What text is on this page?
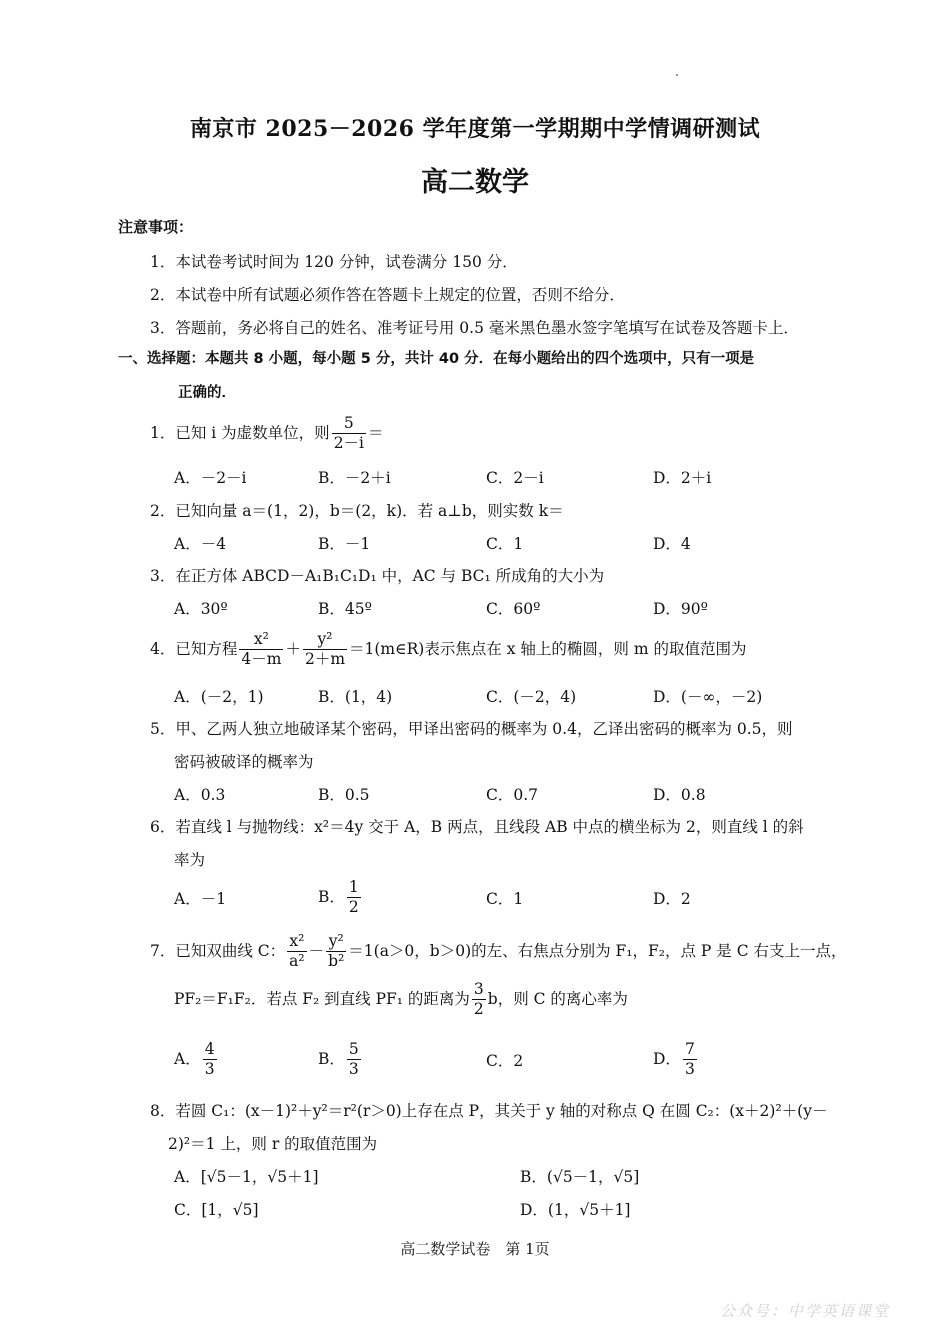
南京市 2025－2026 学年度第一学期期中学情调研测试
高二数学
注意事项：
1．本试卷考试时间为 120 分钟，试卷满分 150 分．
2．本试卷中所有试题必须作答在答题卡上规定的位置，否则不给分．
3．答题前，务必将自己的姓名、准考证号用 0.5 毫米黑色墨水签字笔填写在试卷及答题卡上．
一、选择题：本题共 8 小题，每小题 5 分，共计 40 分．在每小题给出的四个选项中，只有一项是
正确的．
1．已知 i 为虚数单位，则 $\frac{5}{2-i}$ ＝
A．－2－i	B．－2＋i	C．2－i	D．2＋i
2．已知向量 a＝(1，2)，b＝(2，k)．若 a⊥b，则实数 k＝
A．－4	B．－1	C．1	D．4
3．在正方体 ABCD－A₁B₁C₁D₁ 中，AC 与 BC₁ 所成角的大小为
A．30º	B．45º	C．60º	D．90º
4．已知方程 $\frac{\text{x²}}{4-m} + \frac{\text{y²}}{2+m}$ ＝1(m∈R)表示焦点在 x 轴上的椭圆，则 m 的取值范围为
A．(－2，1)	B．(1，4)	C．(－2，4)	D．(－∞，－2)
5．甲、乙两人独立地破译某个密码，甲译出密码的概率为 0.4，乙译出密码的概率为 0.5，则
密码被破译的概率为
A．0.3	B．0.5	C．0.7	D．0.8
6．若直线 l 与抛物线：x²＝4y 交于 A，B 两点，且线段 AB 中点的横坐标为 2，则直线 l 的斜
率为
A．－1	B． $\frac{1}{2}$	C．1	D．2
7．已知双曲线 C： $\frac{\text{x²}}{\text{a²}} - \frac{\text{y²}}{\text{b²}} =1(a>0$，b＞0)的左、右焦点分别为 F₁，F₂，点 P 是 C 右支上一点，
PF₂＝F₁F₂．若点 F₂ 到直线 PF₁ 的距离为 $\frac{3}{2}$ b，则 C 的离心率为
A． $\frac{4}{3}$	B． $\frac{5}{3}$	C．2	D． $\frac{7}{3}$
8．若圆 C₁：(x－1)²＋y²＝r²(r＞0)上存在点 P，其关于 y 轴的对称点 Q 在圆 C₂：(x＋2)²＋(y－
2)²＝1 上，则 r 的取值范围为
A．[√5－1，√5＋1]	B．(√5－1，√5]
C．[1，√5]	D．(1，√5＋1]
高二数学试卷　第 1页
公众号：中学英语课堂
